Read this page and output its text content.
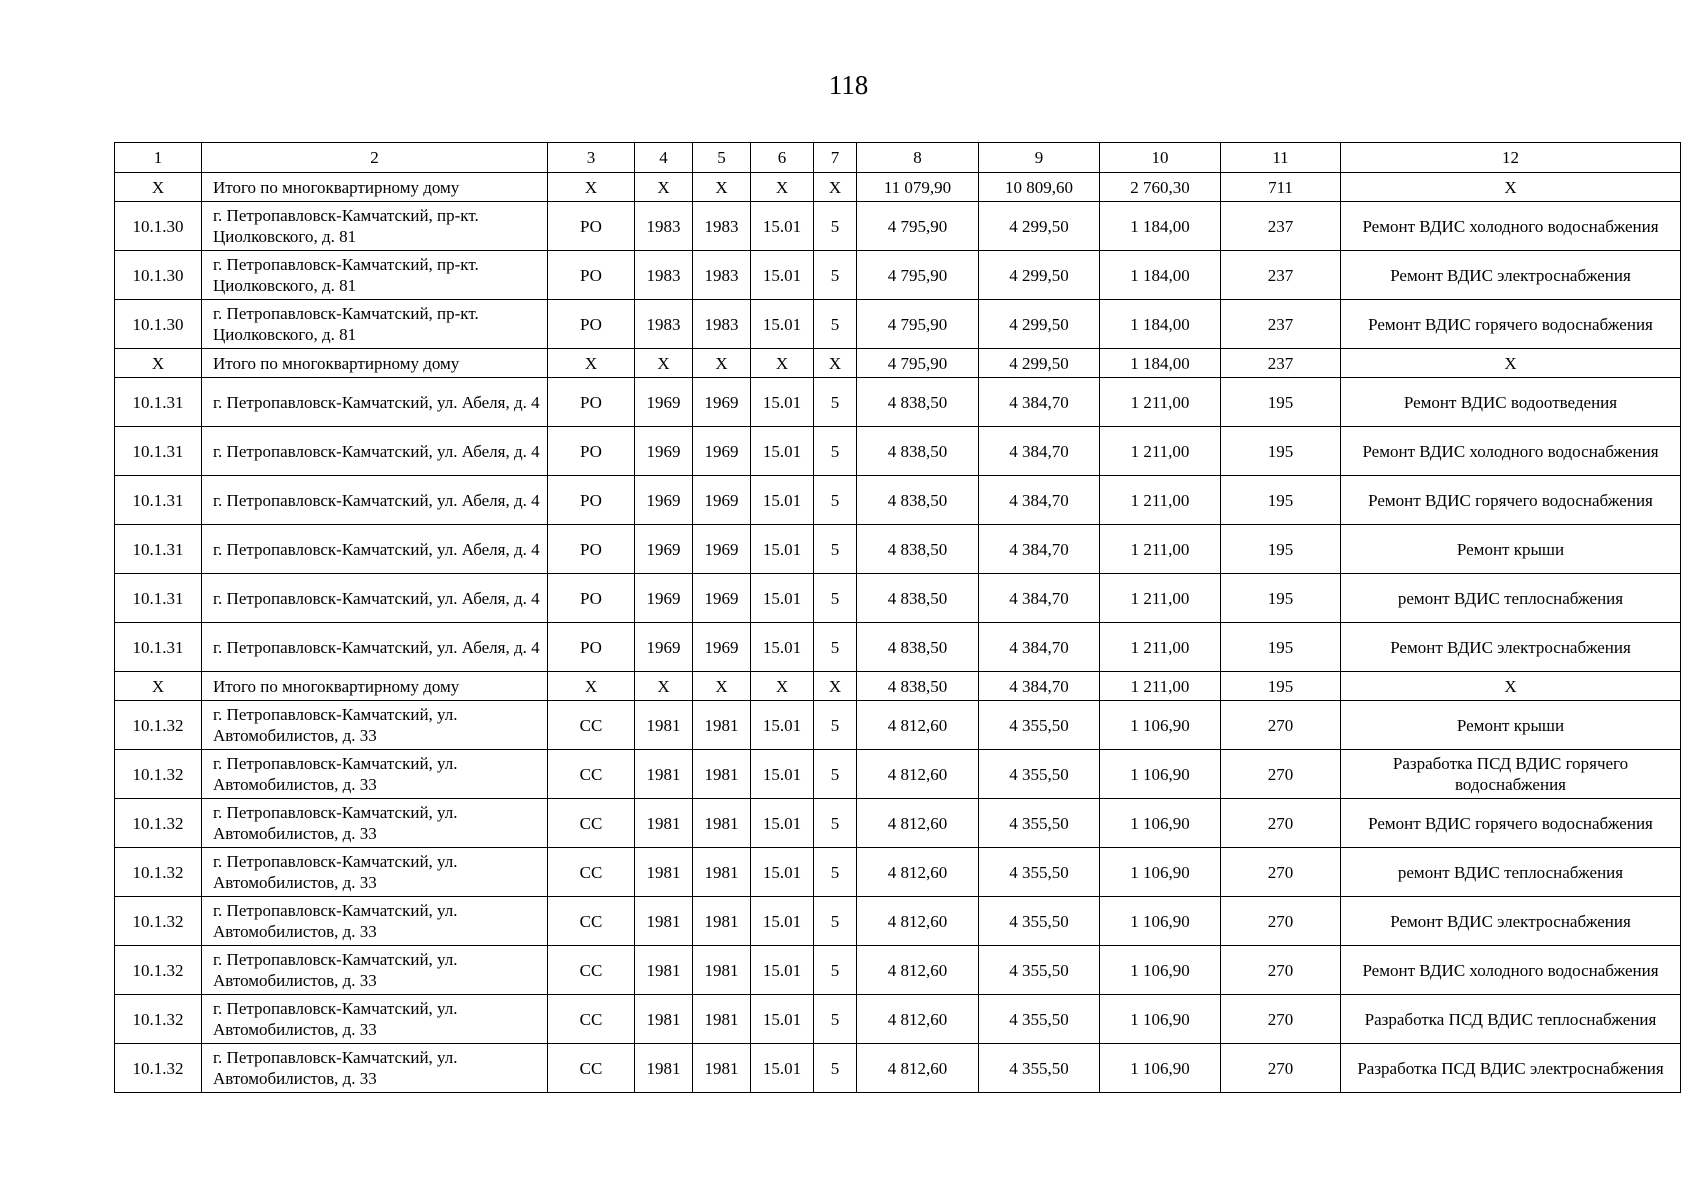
118
1	2	3	4	5	6	7	8	9	10	11	12
X	Итого по многоквартирному дому	X	X	X	X	X	11 079,90	10 809,60	2 760,30	711	X
10.1.30	г. Петропавловск-Камчатский, пр-кт. Циолковского, д. 81	РО	1983	1983	15.01	5	4 795,90	4 299,50	1 184,00	237	Ремонт ВДИС холодного водоснабжения
10.1.30	г. Петропавловск-Камчатский, пр-кт. Циолковского, д. 81	РО	1983	1983	15.01	5	4 795,90	4 299,50	1 184,00	237	Ремонт ВДИС электроснабжения
10.1.30	г. Петропавловск-Камчатский, пр-кт. Циолковского, д. 81	РО	1983	1983	15.01	5	4 795,90	4 299,50	1 184,00	237	Ремонт ВДИС горячего водоснабжения
X	Итого по многоквартирному дому	X	X	X	X	X	4 795,90	4 299,50	1 184,00	237	X
10.1.31	г. Петропавловск-Камчатский, ул. Абеля, д. 4	РО	1969	1969	15.01	5	4 838,50	4 384,70	1 211,00	195	Ремонт ВДИС водоотведения
10.1.31	г. Петропавловск-Камчатский, ул. Абеля, д. 4	РО	1969	1969	15.01	5	4 838,50	4 384,70	1 211,00	195	Ремонт ВДИС холодного водоснабжения
10.1.31	г. Петропавловск-Камчатский, ул. Абеля, д. 4	РО	1969	1969	15.01	5	4 838,50	4 384,70	1 211,00	195	Ремонт ВДИС горячего водоснабжения
10.1.31	г. Петропавловск-Камчатский, ул. Абеля, д. 4	РО	1969	1969	15.01	5	4 838,50	4 384,70	1 211,00	195	Ремонт крыши
10.1.31	г. Петропавловск-Камчатский, ул. Абеля, д. 4	РО	1969	1969	15.01	5	4 838,50	4 384,70	1 211,00	195	ремонт ВДИС теплоснабжения
10.1.31	г. Петропавловск-Камчатский, ул. Абеля, д. 4	РО	1969	1969	15.01	5	4 838,50	4 384,70	1 211,00	195	Ремонт ВДИС электроснабжения
X	Итого по многоквартирному дому	X	X	X	X	X	4 838,50	4 384,70	1 211,00	195	X
10.1.32	г. Петропавловск-Камчатский, ул. Автомобилистов, д. 33	СС	1981	1981	15.01	5	4 812,60	4 355,50	1 106,90	270	Ремонт крыши
10.1.32	г. Петропавловск-Камчатский, ул. Автомобилистов, д. 33	СС	1981	1981	15.01	5	4 812,60	4 355,50	1 106,90	270	Разработка ПСД ВДИС горячего водоснабжения
10.1.32	г. Петропавловск-Камчатский, ул. Автомобилистов, д. 33	СС	1981	1981	15.01	5	4 812,60	4 355,50	1 106,90	270	Ремонт ВДИС горячего водоснабжения
10.1.32	г. Петропавловск-Камчатский, ул. Автомобилистов, д. 33	СС	1981	1981	15.01	5	4 812,60	4 355,50	1 106,90	270	ремонт ВДИС теплоснабжения
10.1.32	г. Петропавловск-Камчатский, ул. Автомобилистов, д. 33	СС	1981	1981	15.01	5	4 812,60	4 355,50	1 106,90	270	Ремонт ВДИС электроснабжения
10.1.32	г. Петропавловск-Камчатский, ул. Автомобилистов, д. 33	СС	1981	1981	15.01	5	4 812,60	4 355,50	1 106,90	270	Ремонт ВДИС холодного водоснабжения
10.1.32	г. Петропавловск-Камчатский, ул. Автомобилистов, д. 33	СС	1981	1981	15.01	5	4 812,60	4 355,50	1 106,90	270	Разработка ПСД ВДИС теплоснабжения
10.1.32	г. Петропавловск-Камчатский, ул. Автомобилистов, д. 33	СС	1981	1981	15.01	5	4 812,60	4 355,50	1 106,90	270	Разработка ПСД ВДИС электроснабжения
